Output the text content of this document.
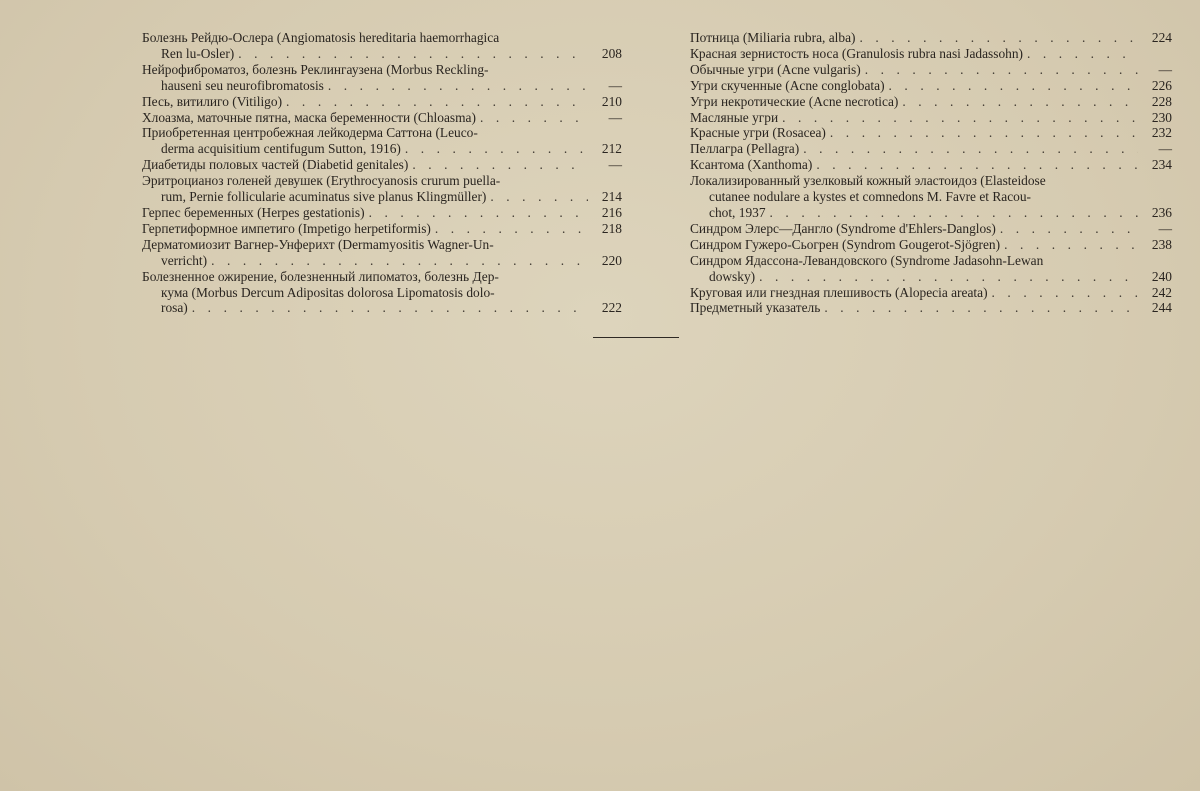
Болезнь Рейдю-Ослера (Angiomatosis hereditaria haemorrhagica
Ren lu-Osler) . . .	208
Нейрофиброматоз, болезнь Реклингаузена (Morbus Reckling-
hauseni seu neurofibromatosis . . .	—
Песь, витилиго (Vitiligo) . . .	210
Хлоазма, маточные пятна, маска беременности (Chloasma) . . .	—
Приобретенная центробежная лейкодерма Саттона (Leuco-
derma acquisitium centifugum Sutton, 1916) . . .	212
Диабетиды половых частей (Diabetid genitales) . . .	—
Эритроцианоз голеней девушек (Erythrocyanosis crurum puella-
rum, Pernie follicularie acuminatus sive planus Klingmüller) . . .	214
Герпес беременных (Herpes gestationis) . . .	216
Герпетиформное импетиго (Impetigo herpetiformis) . . .	218
Дерматомиозит Вагнер-Унферихт (Dermamyositis Wagner-Un-
verricht) . . .	220
Болезненное ожирение, болезненный липоматоз, болезнь Дер-
кума (Morbus Dercum Adipositas dolorosa Lipomatosis dolo-
rosa) . . .	222
Потница (Miliaria rubra, alba) . . .	224
Красная зернистость носа (Granulosis rubra nasi Jadassohn)
. . .
Обычные угри (Acne vulgaris) . . .	—
Угри скученные (Acne conglobata) . . .	226
Угри некротические (Acne necrotica) . . .	228
Масляные угри . . .	230
Красные угри (Rosacea) . . .	232
Пеллагра (Pellagra) . . .	—
Ксантома (Xanthoma) . . .	234
Локализированный узелковый кожный эластоидоз (Elasteidose
cutanee nodulare a kystes et comnedons M. Favre et Racou-
chot, 1937 . . .	236
Синдром Элерс—Дангло (Syndrome d'Ehlers-Danglos) . . .	—
Синдром Гужеро-Сьогрен (Syndrom Gougerot-Sjögren) . . .	238
Синдром Ядассона-Левандовского (Syndrome Jadasohn-Lewan
dowsky) . . .	240
Круговая или гнездная плешивость (Alopecia areata) . . .	242
Предметный указатель . . .	244
